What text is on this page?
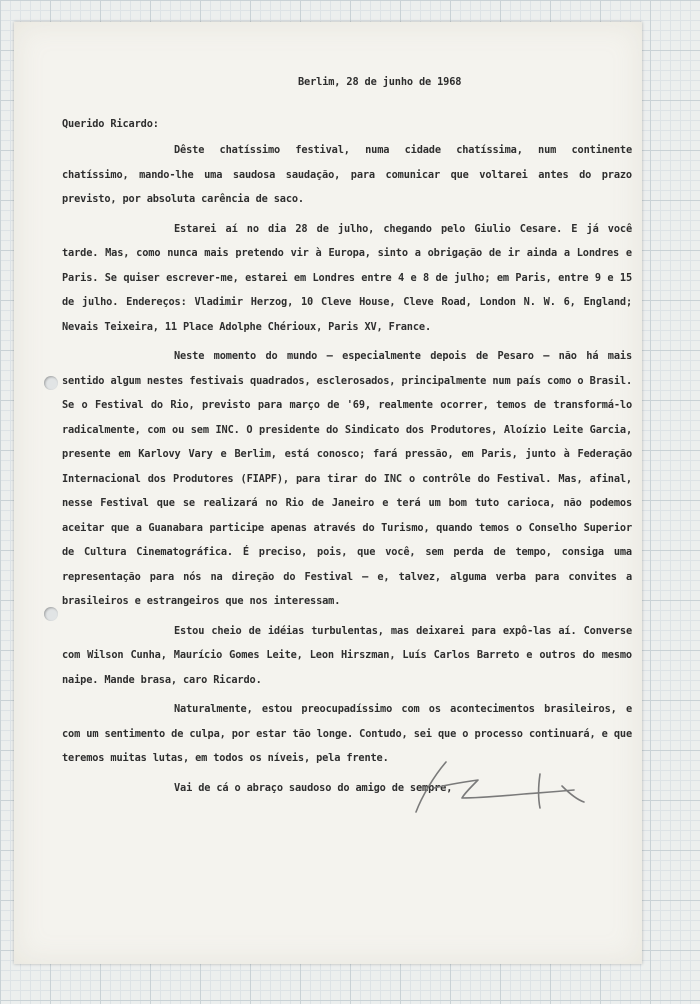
Berlim, 28 de junho de 1968
Querido Ricardo:

Dêste chatíssimo festival, numa cidade chatíssima, num continente chatíssimo, mando-lhe uma saudosa saudação, para comunicar que voltarei antes do prazo previsto, por absoluta carência de saco.

Estarei aí no dia 28 de julho, chegando pelo Giulio Cesare. E já você tarde. Mas, como nunca mais pretendo vir à Europa, sinto a obrigação de ir ainda a Londres e Paris. Se quiser escrever-me, estarei em Londres entre 4 e 8 de julho; em Paris, entre 9 e 15 de julho. Endereços: Vladimir Herzog, 10 Cleve House, Cleve Road, London N. W. 6, England; Nevais Teixeira, 11 Place Adolphe Chérioux, Paris XV, France.

Neste momento do mundo — especialmente depois de Pesaro — não há mais sentido algum nestes festivais quadrados, esclerosados, principalmente num país como o Brasil. Se o Festival do Rio, previsto para março de '69, realmente ocorrer, temos de transformá-lo radicalmente, com ou sem INC. O presidente do Sindicato dos Produtores, Aloízio Leite Garcia, presente em Karlovy Vary e Berlim, está conosco; fará pressão, em Paris, junto à Federação Internacional dos Produtores (FIAPF), para tirar do INC o contrôle do Festival. Mas, afinal, nesse Festival que se realizará no Rio de Janeiro e terá um bom tuto carioca, não podemos aceitar que a Guanabara participe apenas através do Turismo, quando temos o Conselho Superior de Cultura Cinematográfica. É preciso, pois, que você, sem perda de tempo, consiga uma representação para nós na direção do Festival — e, talvez, alguma verba para convites a brasileiros e estrangeiros que nos interessam.

Estou cheio de idéias turbulentas, mas deixarei para expô-las aí. Converse com Wilson Cunha, Maurício Gomes Leite, Leon Hirszman, Luís Carlos Barreto e outros do mesmo naipe. Mande brasa, caro Ricardo.

Naturalmente, estou preocupadíssimo com os acontecimentos brasileiros, e com um sentimento de culpa, por estar tão longe. Contudo, sei que o processo continuará, e que teremos muitas lutas, em todos os níveis, pela frente.

Vai de cá o abraço saudoso do amigo de sempre,
